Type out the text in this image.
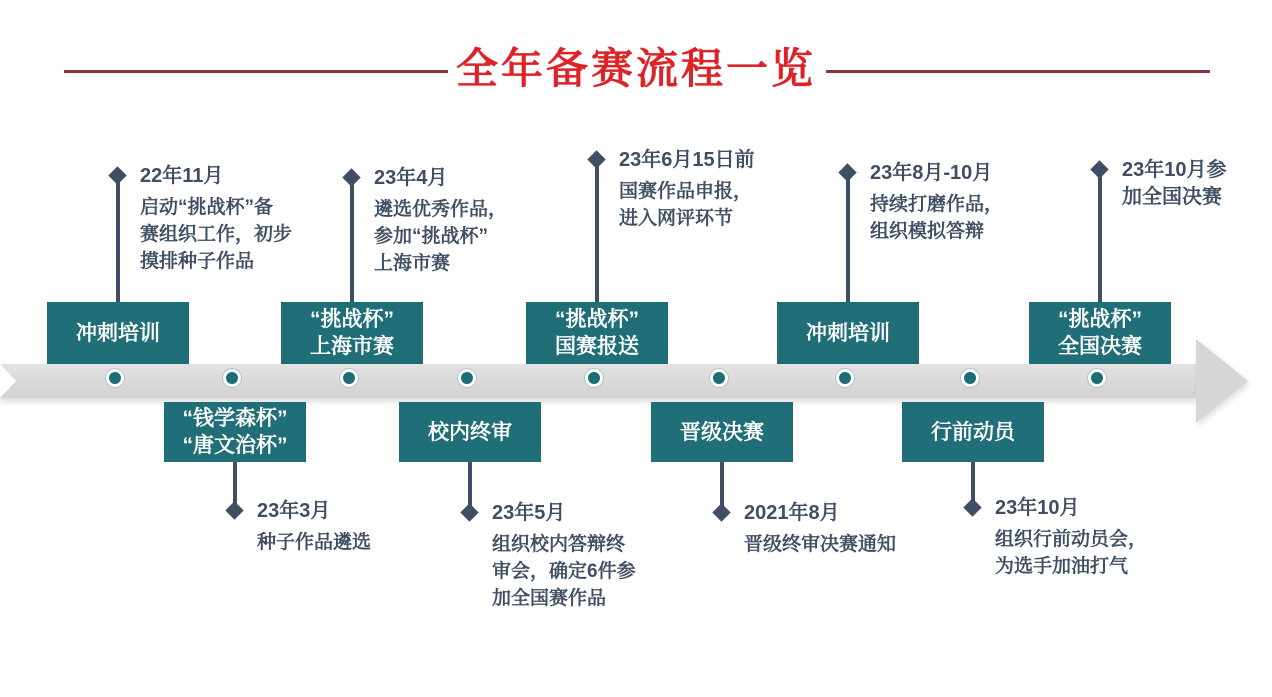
全年备赛流程一览
冲刺培训
“挑战杯”
上海市赛
“挑战杯”
国赛报送
冲刺培训
“挑战杯”
全国决赛
“钱学森杯”
“唐文治杯”
校内终审	晋级决赛	行前动员
22年11月
启动“挑战杯”备
赛组织工作，初步
摸排种子作品
23年4月
遴选优秀作品，
参加“挑战杯”
上海市赛
23年6月15日前
国赛作品申报，
进入网评环节
23年8月-10月
持续打磨作品，
组织模拟答辩
23年10月参
加全国决赛
23年3月
种子作品遴选
23年5月
组织校内答辩终
审会，确定6件参
加全国赛作品
2021年8月
晋级终审决赛通知
23年10月
组织行前动员会，
为选手加油打气
